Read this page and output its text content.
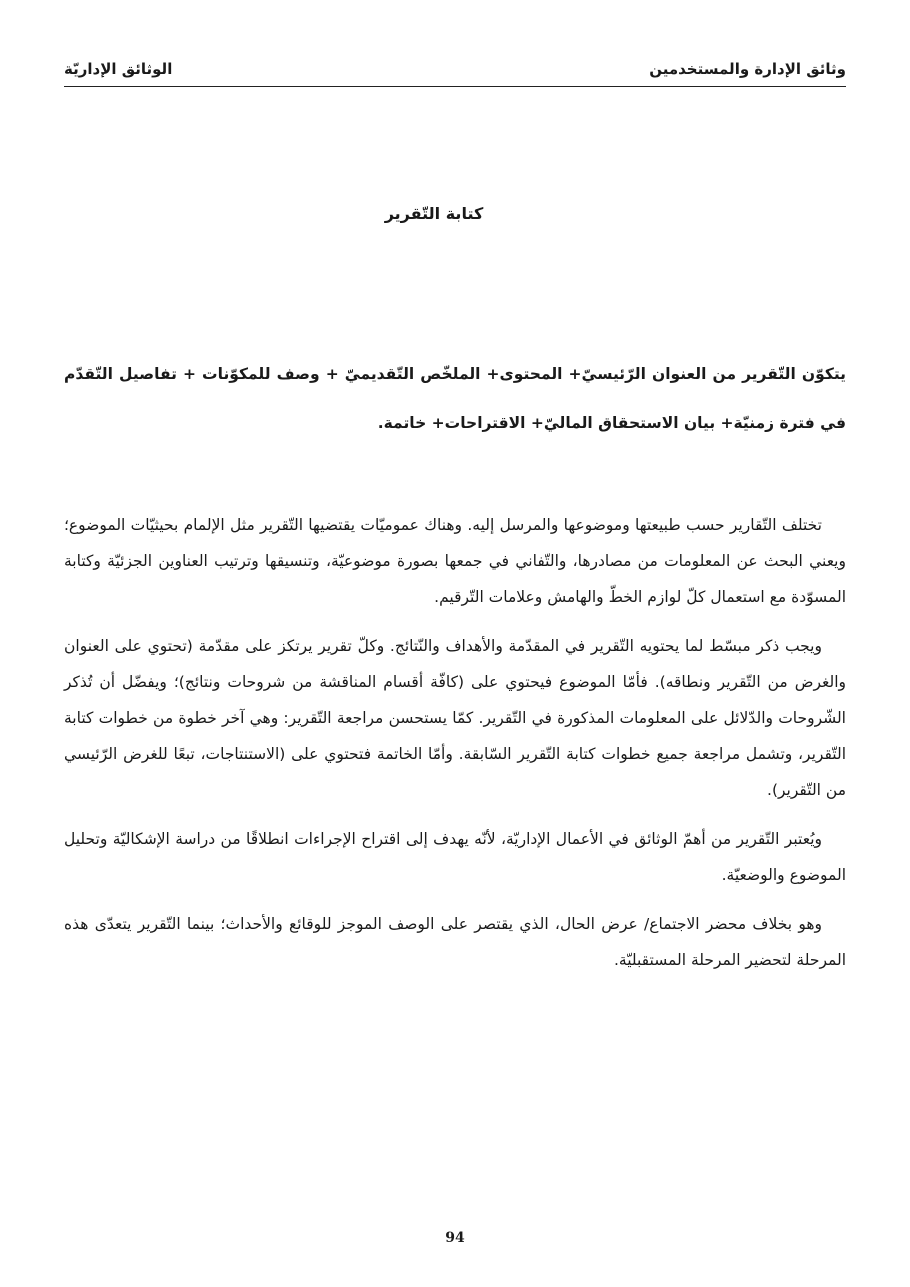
وثائق الإدارة والمستخدمين
الوثائق الإداريّة
كتابة التّقرير

يتكوّن التّقرير من العنوان الرّئيسيّ+ المحتوى+ الملخّص التّقديميّ + وصف للمكوّنات + تفاصيل التّقدّم في فترة زمنيّة+ بيان الاستحقاق الماليّ+ الاقتراحات+ خاتمة.

تختلف التّقارير حسب طبيعتها وموضوعها والمرسل إليه. وهناك عموميّات يقتضيها التّقرير مثل الإلمام بحيثيّات الموضوع؛ ويعني البحث عن المعلومات من مصادرها، والتّفاني في جمعها بصورة موضوعيّة، وتنسيقها وترتيب العناوين الجزئيّة وكتابة المسوّدة مع استعمال كلّ لوازم الخطّ والهامش وعلامات التّرقيم.

ويجب ذكر مبسّط لما يحتويه التّقرير في المقدّمة والأهداف والنّتائج. وكلّ تقرير يرتكز على مقدّمة (تحتوي على العنوان والغرض من التّقرير ونطاقه). فأمّا الموضوع فيحتوي على (كافّة أقسام المناقشة من شروحات ونتائج)؛ ويفضّل أن تُذكر الشّروحات والدّلائل على المعلومات المذكورة في التّقرير. كمّا يستحسن مراجعة التّقرير: وهي آخر خطوة من خطوات كتابة التّقرير، وتشمل مراجعة جميع خطوات كتابة التّقرير السّابقة. وأمّا الخاتمة فتحتوي على (الاستنتاجات، تبعًا للغرض الرّئيسي من التّقرير).

ويُعتبر التّقرير من أهمّ الوثائق في الأعمال الإداريّة، لأنّه يهدف إلى اقتراح الإجراءات انطلاقًا من دراسة الإشكاليّة وتحليل الموضوع والوضعيّة.

وهو بخلاف محضر الاجتماع/ عرض الحال، الذي يقتصر على الوصف الموجز للوقائع والأحداث؛ بينما التّقرير يتعدّى هذه المرحلة لتحضير المرحلة المستقبليّة.

94
